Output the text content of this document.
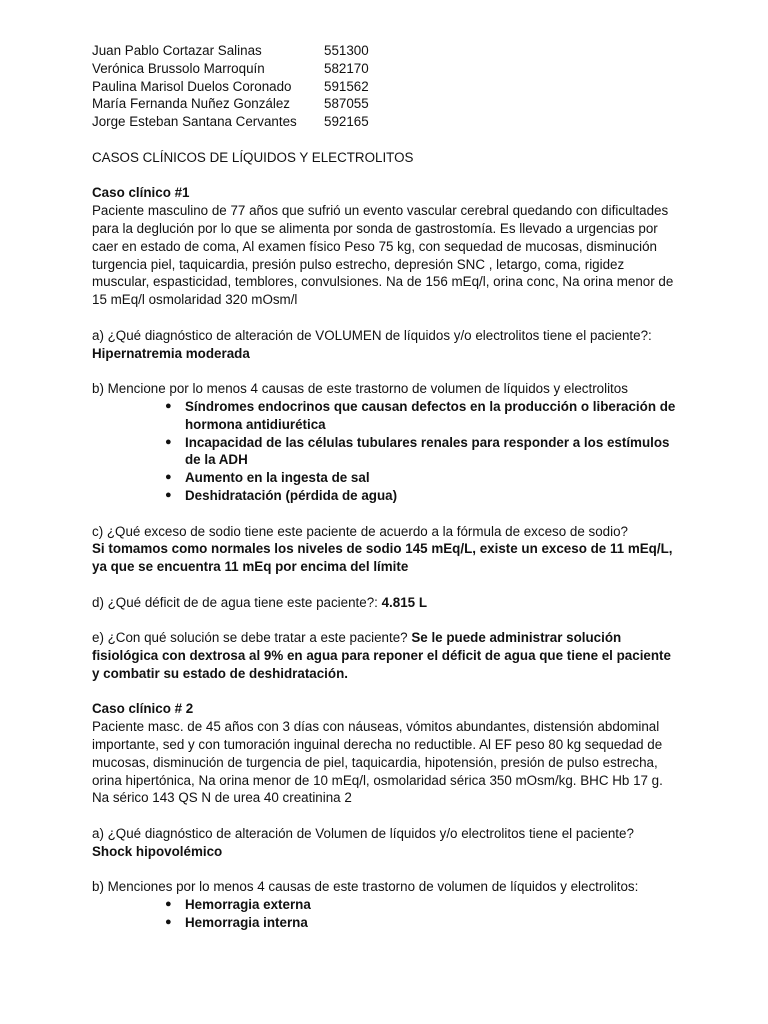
Juan Pablo Cortazar Salinas	551300
Verónica Brussolo Marroquín	582170
Paulina Marisol Duelos Coronado	591562
María Fernanda Nuñez González	587055
Jorge Esteban Santana Cervantes	592165

CASOS CLÍNICOS DE LÍQUIDOS Y ELECTROLITOS

Caso clínico #1

Paciente masculino de 77 años que sufrió un evento vascular cerebral quedando con dificultades para la deglución por lo que se alimenta por sonda de gastrostomía. Es llevado a urgencias por caer en estado de coma, Al examen físico Peso 75 kg, con sequedad de mucosas, disminución turgencia piel, taquicardia, presión pulso estrecho, depresión SNC , letargo, coma, rigidez muscular, espasticidad, temblores, convulsiones. Na de 156 mEq/l, orina conc, Na orina menor de 15 mEq/l osmolaridad 320 mOsm/l

a) ¿Qué diagnóstico de alteración de VOLUMEN de líquidos y/o electrolitos tiene el paciente?: Hipernatremia moderada

b) Mencione por lo menos 4 causas de este trastorno de volumen de líquidos y electrolitos

● Síndromes endocrinos que causan defectos en la producción o liberación de hormona antidiurética
● Incapacidad de las células tubulares renales para responder a los estímulos de la ADH
● Aumento en la ingesta de sal
● Deshidratación (pérdida de agua)

c) ¿Qué exceso de sodio tiene este paciente de acuerdo a la fórmula de exceso de sodio?

Si tomamos como normales los niveles de sodio 145 mEq/L, existe un exceso de 11 mEq/L, ya que se encuentra 11 mEq por encima del límite

d) ¿Qué déficit de de agua tiene este paciente?: 4.815 L

e) ¿Con qué solución se debe tratar a este paciente? Se le puede administrar solución fisiológica con dextrosa al 9% en agua para reponer el déficit de agua que tiene el paciente y combatir su estado de deshidratación.

Caso clínico # 2

Paciente masc. de 45 años con 3 días con náuseas, vómitos abundantes, distensión abdominal importante, sed y con tumoración inguinal derecha no reductible. Al EF peso 80 kg sequedad de mucosas, disminución de turgencia de piel, taquicardia, hipotensión, presión de pulso estrecha, orina hipertónica, Na orina menor de 10 mEq/l, osmolaridad sérica 350 mOsm/kg. BHC Hb 17 g. Na sérico 143 QS N de urea 40 creatinina 2

a) ¿Qué diagnóstico de alteración de Volumen de líquidos y/o electrolitos tiene el paciente?

Shock hipovolémico

b) Menciones por lo menos 4 causas de este trastorno de volumen de líquidos y electrolitos:

● Hemorragia externa
● Hemorragia interna
